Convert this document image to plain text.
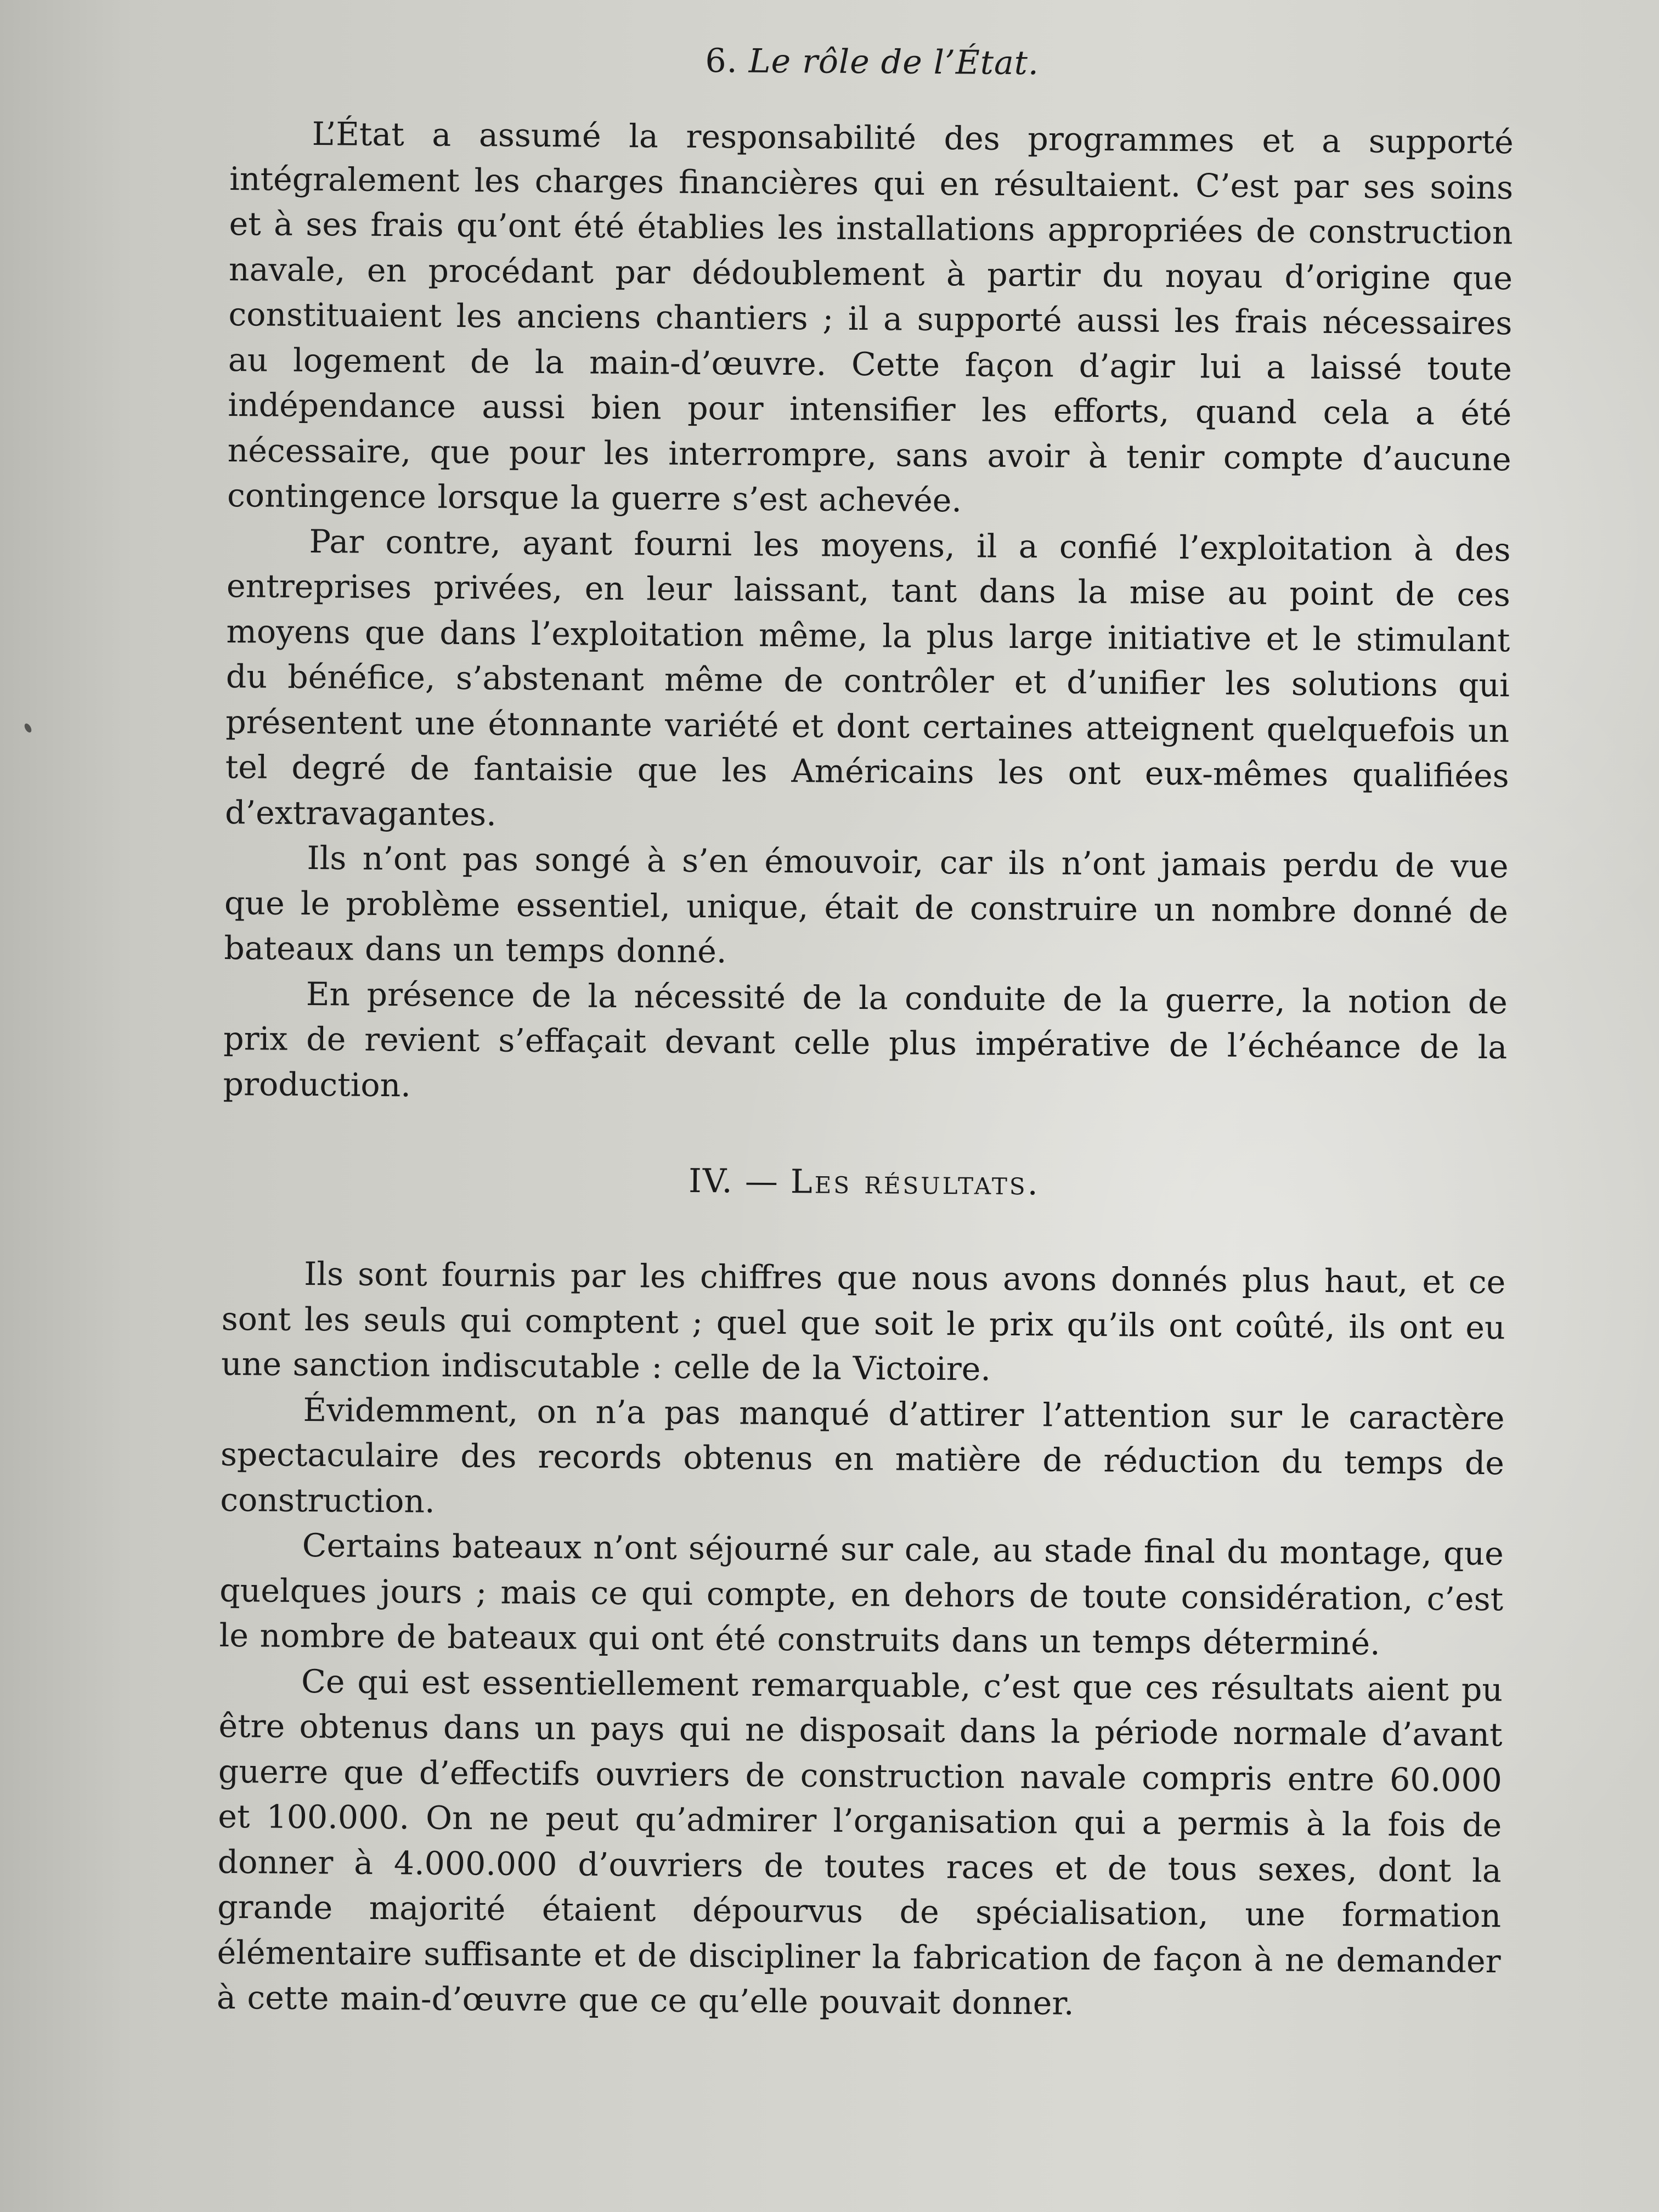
6. Le rôle de l’État.

L’État a assumé la responsabilité des programmes et a supporté intégralement les charges financières qui en résultaient. C’est par ses soins et à ses frais qu’ont été établies les installations appropriées de construction navale, en procédant par dédoublement à partir du noyau d’origine que constituaient les anciens chantiers ; il a supporté aussi les frais nécessaires au logement de la main-d’œuvre. Cette façon d’agir lui a laissé toute indépendance aussi bien pour intensifier les efforts, quand cela a été nécessaire, que pour les interrompre, sans avoir à tenir compte d’aucune contingence lorsque la guerre s’est achevée.

Par contre, ayant fourni les moyens, il a confié l’exploitation à des entreprises privées, en leur laissant, tant dans la mise au point de ces moyens que dans l’exploitation même, la plus large initiative et le stimulant du bénéfice, s’abstenant même de contrôler et d’unifier les solutions qui présentent une étonnante variété et dont certaines atteignent quelquefois un tel degré de fantaisie que les Américains les ont eux-mêmes qualifiées d’extravagantes.

Ils n’ont pas songé à s’en émouvoir, car ils n’ont jamais perdu de vue que le problème essentiel, unique, était de construire un nombre donné de bateaux dans un temps donné.

En présence de la nécessité de la conduite de la guerre, la notion de prix de revient s’effaçait devant celle plus impérative de l’échéance de la production.

IV. — Les résultats.

Ils sont fournis par les chiffres que nous avons donnés plus haut, et ce sont les seuls qui comptent ; quel que soit le prix qu’ils ont coûté, ils ont eu une sanction indiscutable : celle de la Victoire.

Évidemment, on n’a pas manqué d’attirer l’attention sur le caractère spectaculaire des records obtenus en matière de réduction du temps de construction.

Certains bateaux n’ont séjourné sur cale, au stade final du montage, que quelques jours ; mais ce qui compte, en dehors de toute considération, c’est le nombre de bateaux qui ont été construits dans un temps déterminé.

Ce qui est essentiellement remarquable, c’est que ces résultats aient pu être obtenus dans un pays qui ne disposait dans la période normale d’avant guerre que d’effectifs ouvriers de construction navale compris entre 60.000 et 100.000. On ne peut qu’admirer l’organisation qui a permis à la fois de donner à 4.000.000 d’ouvriers de toutes races et de tous sexes, dont la grande majorité étaient dépourvus de spécialisation, une formation élémentaire suffisante et de discipliner la fabrication de façon à ne demander à cette main-d’œuvre que ce qu’elle pouvait donner.
